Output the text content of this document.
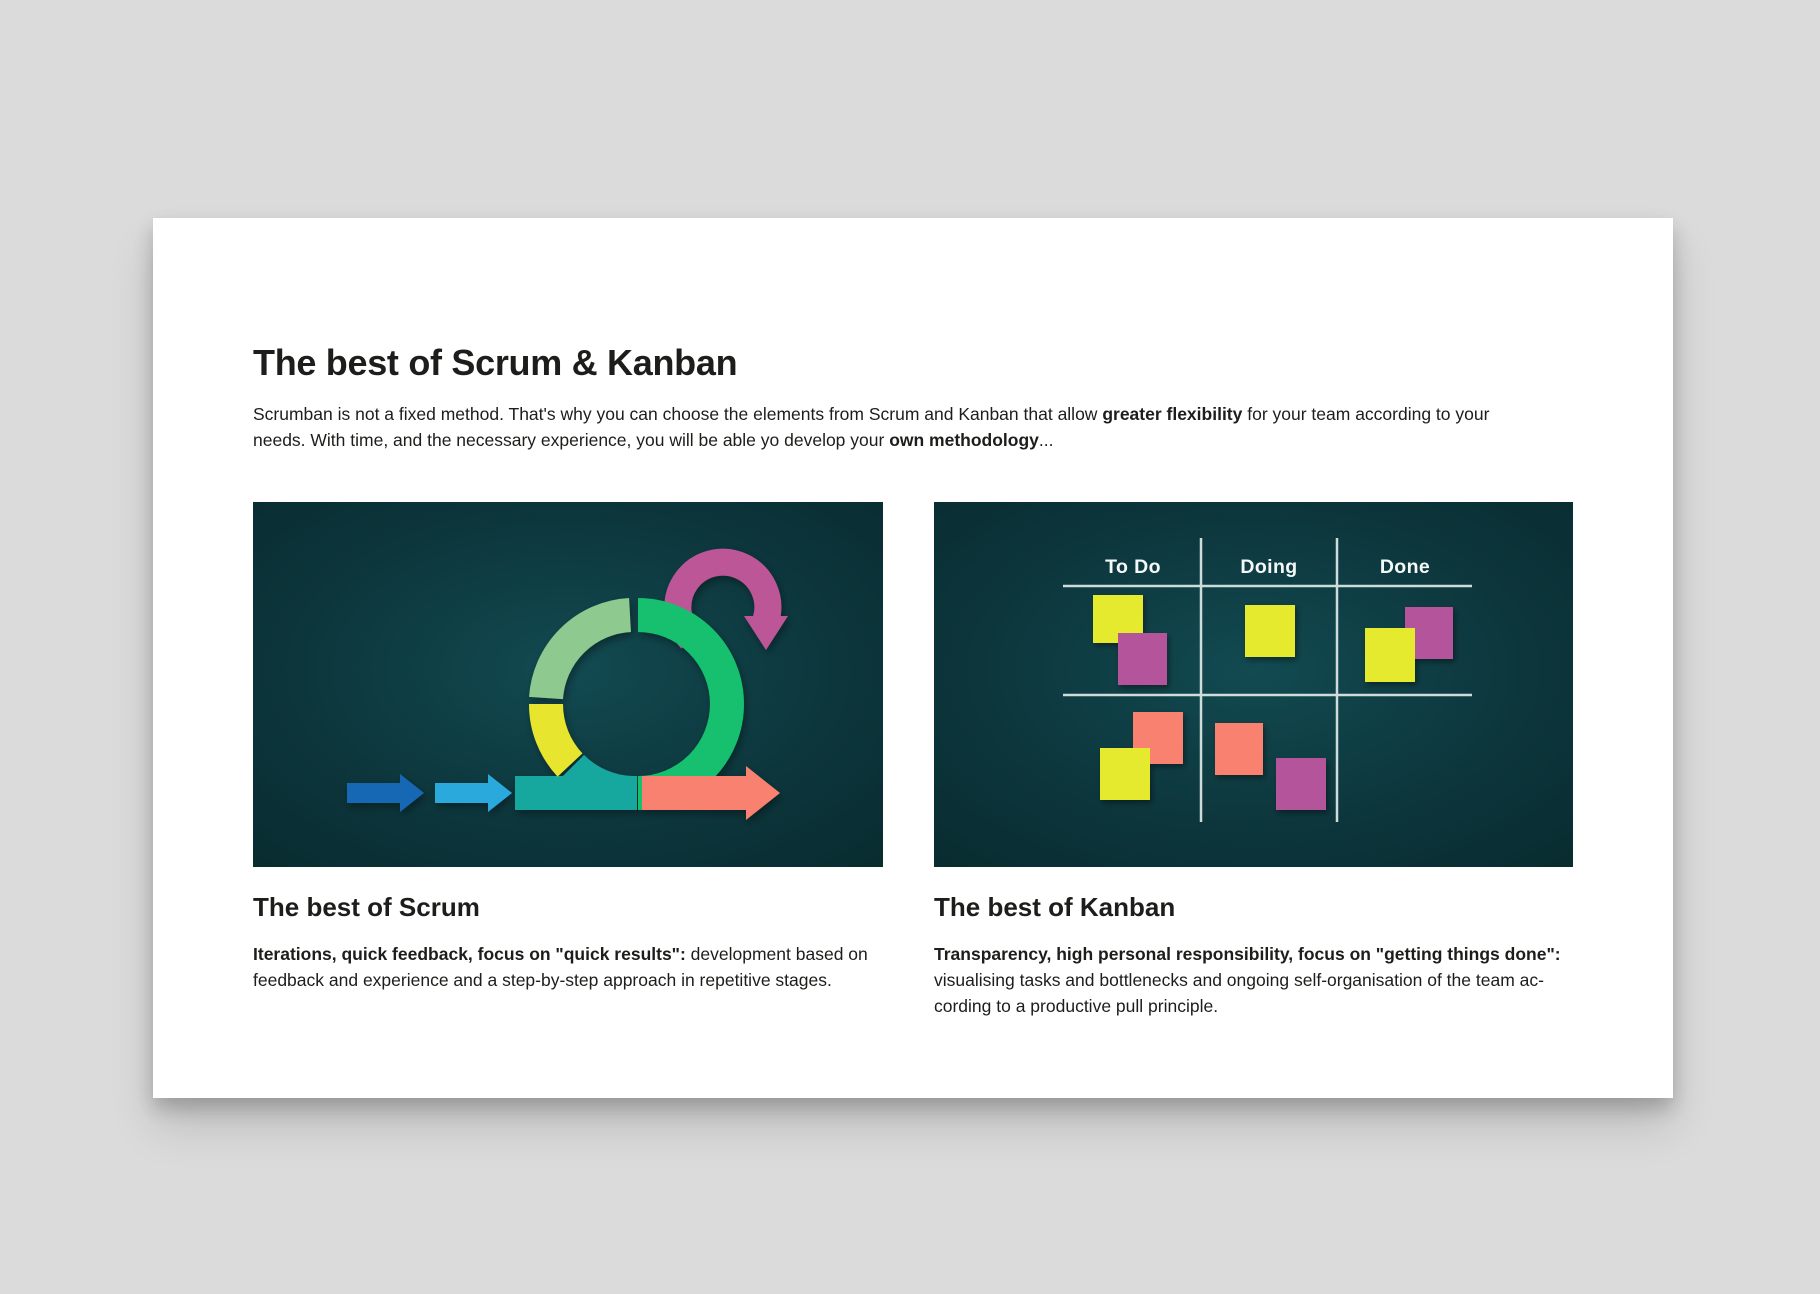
The best of Scrum & Kanban

Scrumban is not a fixed method. That's why you can choose the elements from Scrum and Kanban that allow greater flexibility for your team according to your
needs. With time, and the necessary experience, you will be able yo develop your own methodology...

To Do	Doing	Done
The best of Scrum

Iterations, quick feedback, focus on "quick results": development based on
feedback and experience and a step-by-step approach in repetitive stages.

The best of Kanban

Transparency, high personal responsibility, focus on "getting things done":
visualising tasks and bottlenecks and ongoing self-organisation of the team ac-
cording to a productive pull principle.
